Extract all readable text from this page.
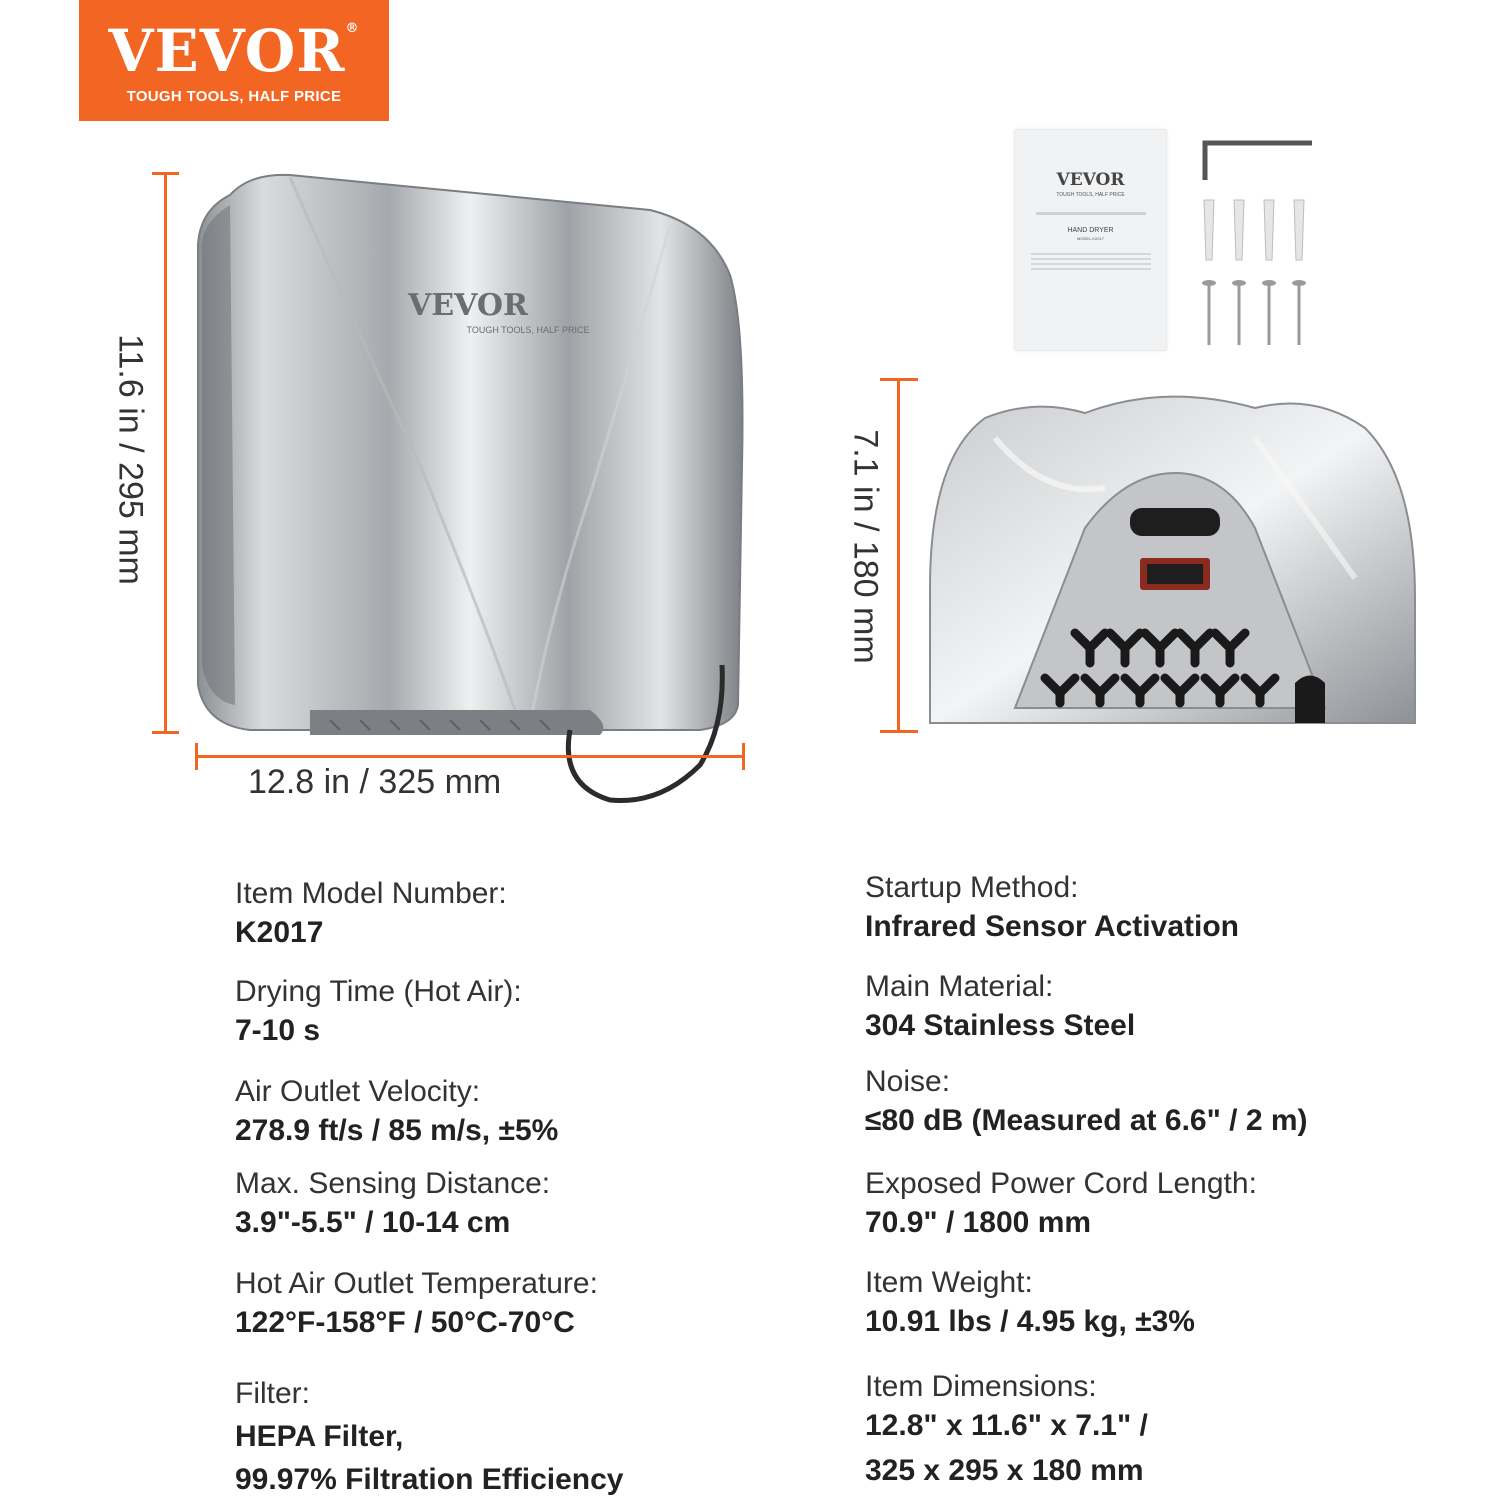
VEVOR®
TOUGH TOOLS, HALF PRICE
VEVOR
TOUGH TOOLS, HALF PRICE
11.6 in / 295 mm
12.8 in / 325 mm
VEVOR
TOUGH TOOLS, HALF PRICE
HAND DRYER
MODEL:K2017
7.1 in / 180 mm
Item Model Number:
K2017
Drying Time (Hot Air):
7-10 s
Air Outlet Velocity:
278.9 ft/s / 85 m/s, ±5%
Max. Sensing Distance:
3.9"-5.5" / 10-14 cm
Hot Air Outlet Temperature:
122°F-158°F / 50°C-70°C
Filter:
HEPA Filter,
99.97% Filtration Efficiency
Startup Method:
Infrared Sensor Activation
Main Material:
304 Stainless Steel
Noise:
≤80 dB (Measured at 6.6" / 2 m)
Exposed Power Cord Length:
70.9" / 1800 mm
Item Weight:
10.91 lbs / 4.95 kg, ±3%
Item Dimensions:
12.8" x 11.6" x 7.1" /
325 x 295 x 180 mm
